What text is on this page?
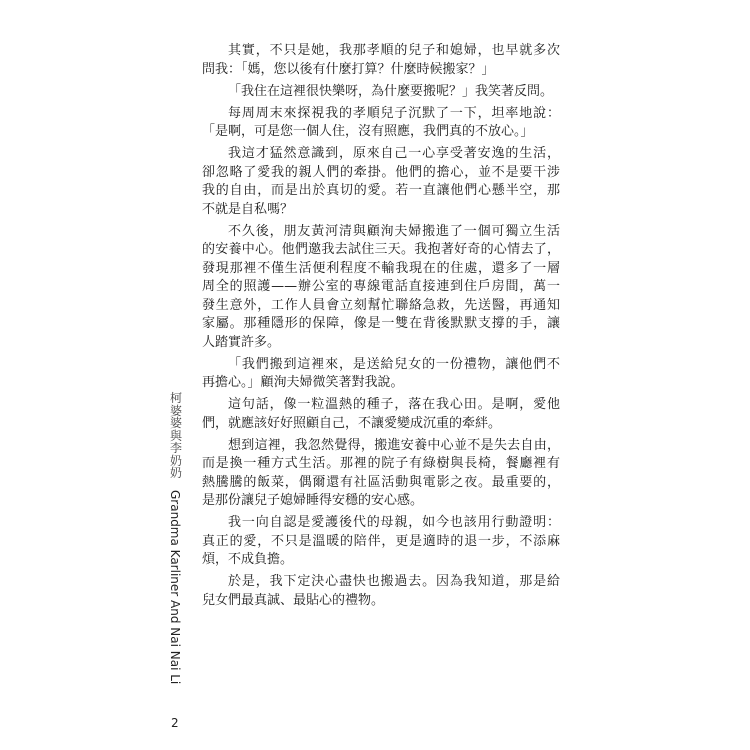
其實，不只是她，我那孝順的兒子和媳婦，也早就多次
問我：「媽，您以後有什麼打算？什麼時候搬家？」
「我住在這裡很快樂呀，為什麼要搬呢？」我笑著反問。
每周周末來探視我的孝順兒子沉默了一下，坦率地說：
「是啊，可是您一個人住，沒有照應，我們真的不放心。」
我這才猛然意識到，原來自己一心享受著安逸的生活，
卻忽略了愛我的親人們的牽掛。他們的擔心，並不是要干涉
我的自由，而是出於真切的愛。若一直讓他們心懸半空，那
不就是自私嗎？
不久後，朋友黃河清與顧洵夫婦搬進了一個可獨立生活
的安養中心。他們邀我去試住三天。我抱著好奇的心情去了，
發現那裡不僅生活便利程度不輸我現在的住處，還多了一層
周全的照護——辦公室的專線電話直接連到住戶房間，萬一
發生意外，工作人員會立刻幫忙聯絡急救，先送醫，再通知
家屬。那種隱形的保障，像是一雙在背後默默支撐的手，讓
人踏實許多。
「我們搬到這裡來，是送給兒女的一份禮物，讓他們不
再擔心。」顧洵夫婦微笑著對我說。
這句話，像一粒溫熱的種子，落在我心田。是啊，愛他
們，就應該好好照顧自己，不讓愛變成沉重的牽絆。
想到這裡，我忽然覺得，搬進安養中心並不是失去自由，
而是換一種方式生活。那裡的院子有綠樹與長椅，餐廳裡有
熱騰騰的飯菜，偶爾還有社區活動與電影之夜。最重要的，
是那份讓兒子媳婦睡得安穩的安心感。
我一向自認是愛護後代的母親，如今也該用行動證明：
真正的愛，不只是溫暖的陪伴，更是適時的退一步，不添麻
煩，不成負擔。
於是，我下定決心盡快也搬過去。因為我知道，那是給
兒女們最真誠、最貼心的禮物。
柯婆婆與李奶奶
Grandma Karliner And Nai Nai Li
2
